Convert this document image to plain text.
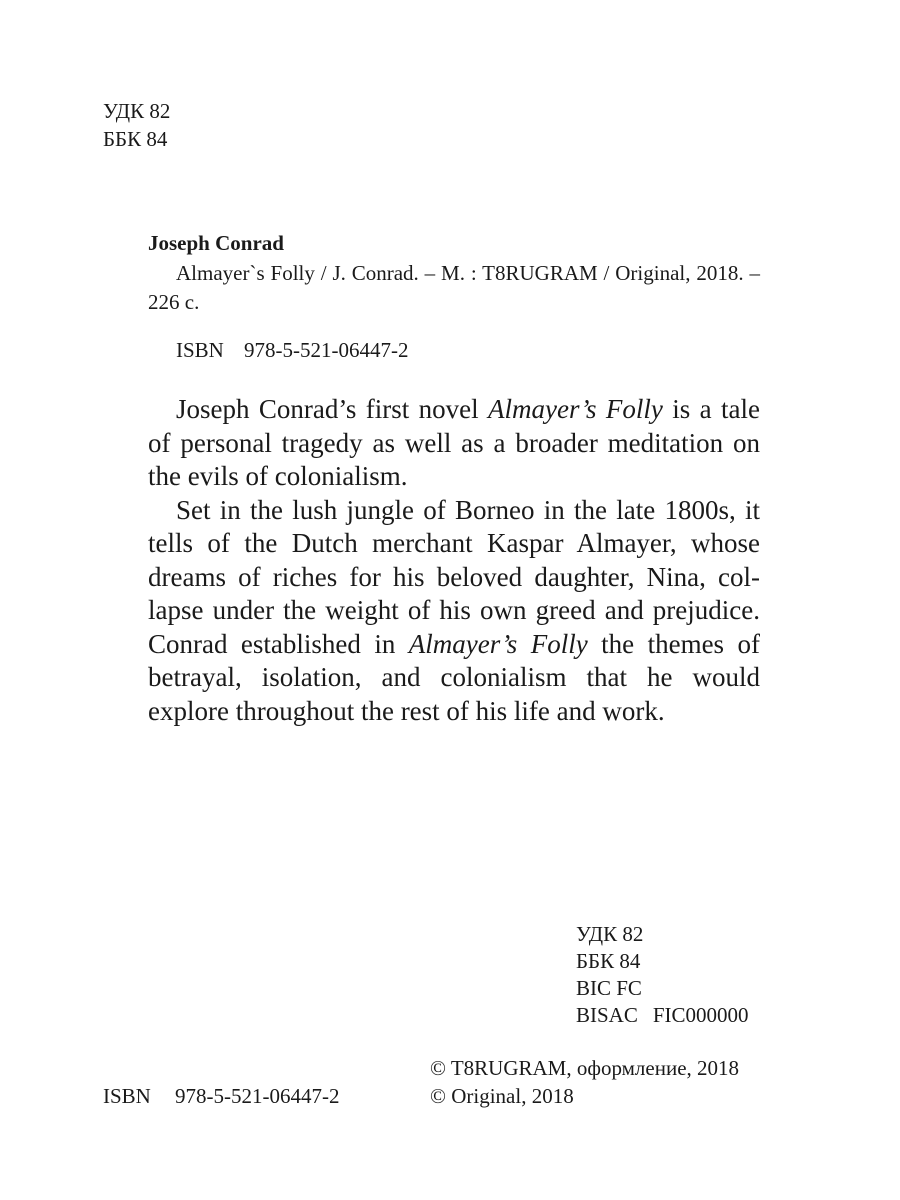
УДК 82
ББК 84
Joseph Conrad
Almayer`s Folly / J. Conrad. – M. : T8RUGRAM / Original, 2018. – 226 с.
ISBN 978-5-521-06447-2

Joseph Conrad’s first novel Almayer’s Folly is a tale of personal tragedy as well as a broader meditation on the evils of colonialism.

Set in the lush jungle of Borneo in the late 1800s, it tells of the Dutch merchant Kaspar Almayer, whose dreams of riches for his beloved daughter, Nina, collapse under the weight of his own greed and prejudice. Conrad established in Almayer’s Folly the themes of betrayal, isolation, and colonialism that he would explore throughout the rest of his life and work.

УДК 82
ББК 84
BIC FC
BISAC FIC000000
© T8RUGRAM, оформление, 2018
© Original, 2018
ISBN 978-5-521-06447-2
